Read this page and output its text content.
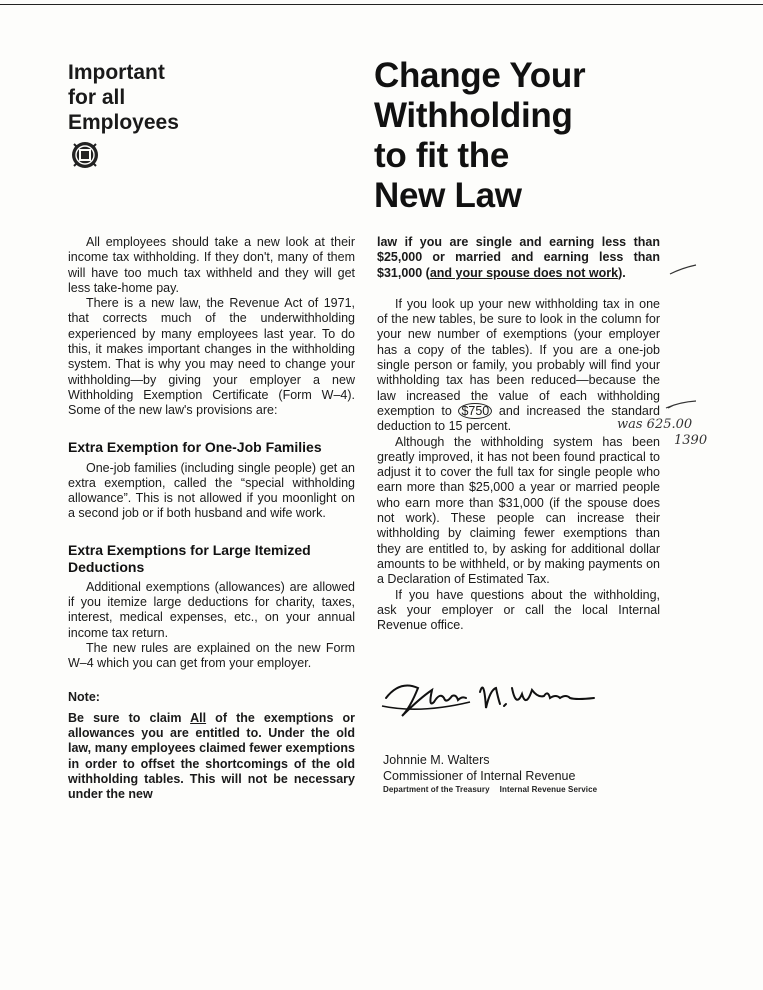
Important
for all
Employees
Change Your
Withholding
to fit the
New Law

All employees should take a new look at their income tax withholding. If they don't, many of them will have too much tax withheld and they will get less take-home pay.

There is a new law, the Revenue Act of 1971, that corrects much of the underwithholding experienced by many employees last year. To do this, it makes important changes in the withholding system. That is why you may need to change your withholding—by giving your employer a new Withholding Exemption Certificate (Form W–4). Some of the new law's provisions are:

Extra Exemption for One-Job Families

One-job families (including single people) get an extra exemption, called the “special withholding allowance”. This is not allowed if you moonlight on a second job or if both husband and wife work.

Extra Exemptions for Large Itemized Deductions

Additional exemptions (allowances) are allowed if you itemize large deductions for charity, taxes, interest, medical expenses, etc., on your annual income tax return.

The new rules are explained on the new Form W–4 which you can get from your employer.

Note:

Be sure to claim All of the exemptions or allowances you are entitled to. Under the old law, many employees claimed fewer exemptions in order to offset the shortcomings of the old withholding tables. This will not be necessary under the new

law if you are single and earning less than $25,000 or married and earning less than $31,000 (and your spouse does not work).

If you look up your new withholding tax in one of the new tables, be sure to look in the column for your new number of exemptions (your employer has a copy of the tables). If you are a one-job single person or family, you probably will find your withholding tax has been reduced—because the law increased the value of each withholding exemption to $750 and increased the standard deduction to 15 percent.

Although the withholding system has been greatly improved, it has not been found practical to adjust it to cover the full tax for single people who earn more than $25,000 a year or married people who earn more than $31,000 (if the spouse does not work). These people can increase their withholding by claiming fewer exemptions than they are entitled to, by asking for additional dollar amounts to be withheld, or by making payments on a Declaration of Estimated Tax.

If you have questions about the withholding, ask your employer or call the local Internal Revenue office.

was 625.00
1390
Johnnie M. Walters
Commissioner of Internal Revenue
Department of the Treasury Internal Revenue Service
